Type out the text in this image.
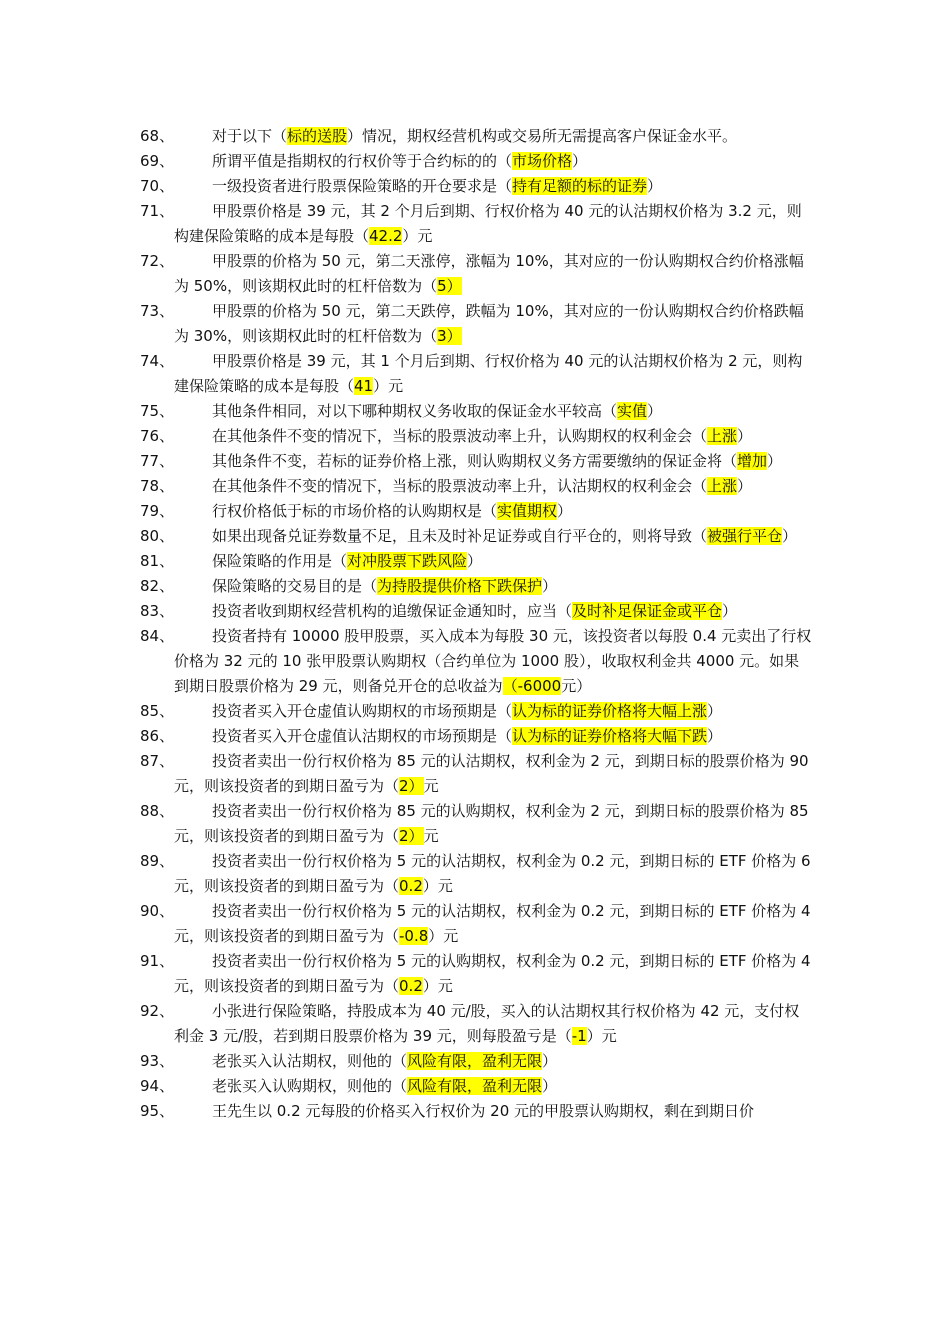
68、	对于以下（标的送股）情况，期权经营机构或交易所无需提高客户保证金水平。
69、	所谓平值是指期权的行权价等于合约标的的（市场价格）
70、	一级投资者进行股票保险策略的开仓要求是（持有足额的标的证券）
71、	甲股票价格是 39 元，其 2 个月后到期、行权价格为 40 元的认沽期权价格为 3.2 元，则构建保险策略的成本是每股（42.2）元
72、	甲股票的价格为 50 元，第二天涨停，涨幅为 10%，其对应的一份认购期权合约价格涨幅为 50%，则该期权此时的杠杆倍数为（5）
73、	甲股票的价格为 50 元，第二天跌停，跌幅为 10%，其对应的一份认购期权合约价格跌幅为 30%，则该期权此时的杠杆倍数为（3）
74、	甲股票价格是 39 元，其 1 个月后到期、行权价格为 40 元的认沽期权价格为 2 元，则构建保险策略的成本是每股（41）元
75、	其他条件相同，对以下哪种期权义务收取的保证金水平较高（实值）
76、	在其他条件不变的情况下，当标的股票波动率上升，认购期权的权利金会（上涨）
77、	其他条件不变，若标的证券价格上涨，则认购期权义务方需要缴纳的保证金将（增加）
78、	在其他条件不变的情况下，当标的股票波动率上升，认沽期权的权利金会（上涨）
79、	行权价格低于标的市场价格的认购期权是（实值期权）
80、	如果出现备兑证券数量不足，且未及时补足证券或自行平仓的，则将导致（被强行平仓）
81、	保险策略的作用是（对冲股票下跌风险）
82、	保险策略的交易目的是（为持股提供价格下跌保护）
83、	投资者收到期权经营机构的追缴保证金通知时，应当（及时补足保证金或平仓）
84、	投资者持有 10000 股甲股票，买入成本为每股 30 元，该投资者以每股 0.4 元卖出了行权价格为 32 元的 10 张甲股票认购期权（合约单位为 1000 股），收取权利金共 4000 元。如果到期日股票价格为 29 元，则备兑开仓的总收益为（-6000元）
85、	投资者买入开仓虚值认购期权的市场预期是（认为标的证券价格将大幅上涨）
86、	投资者买入开仓虚值认沽期权的市场预期是（认为标的证券价格将大幅下跌）
87、	投资者卖出一份行权价格为 85 元的认沽期权，权利金为 2 元，到期日标的股票价格为 90 元，则该投资者的到期日盈亏为（2）元
88、	投资者卖出一份行权价格为 85 元的认购期权，权利金为 2 元，到期日标的股票价格为 85 元，则该投资者的到期日盈亏为（2）元
89、	投资者卖出一份行权价格为 5 元的认沽期权，权利金为 0.2 元，到期日标的 ETF 价格为 6 元，则该投资者的到期日盈亏为（0.2）元
90、	投资者卖出一份行权价格为 5 元的认沽期权，权利金为 0.2 元，到期日标的 ETF 价格为 4 元，则该投资者的到期日盈亏为（-0.8）元
91、	投资者卖出一份行权价格为 5 元的认购期权，权利金为 0.2 元，到期日标的 ETF 价格为 4 元，则该投资者的到期日盈亏为（0.2）元
92、	小张进行保险策略，持股成本为 40 元/股，买入的认沽期权其行权价格为 42 元，支付权利金 3 元/股，若到期日股票价格为 39 元，则每股盈亏是（-1）元
93、	老张买入认沽期权，则他的（风险有限，盈利无限）
94、	老张买入认购期权，则他的（风险有限，盈利无限）
95、	王先生以 0.2 元每股的价格买入行权价为 20 元的甲股票认购期权，剩在到期日价
